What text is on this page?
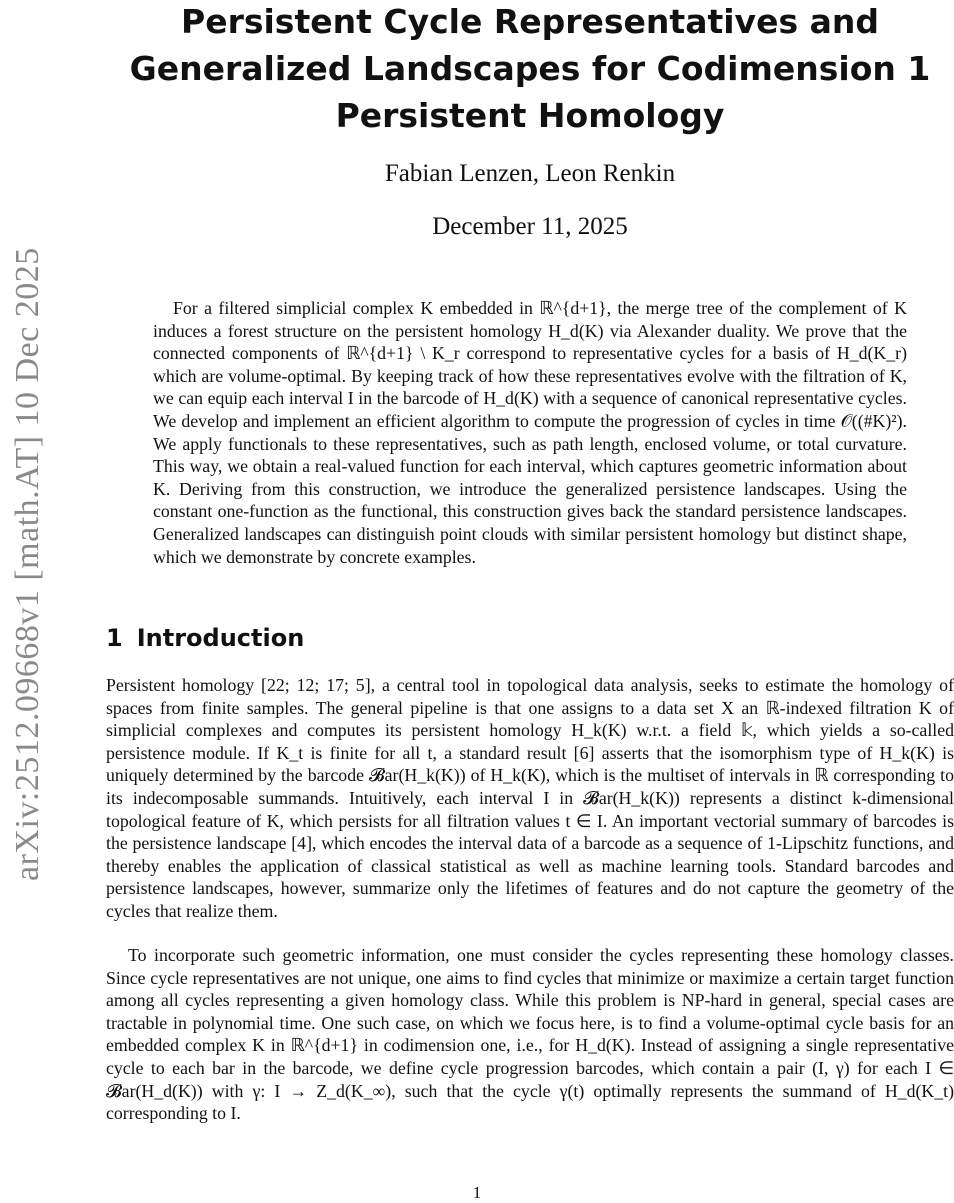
arXiv:2512.09668v1 [math.AT] 10 Dec 2025
Persistent Cycle Representatives and Generalized Landscapes for Codimension 1 Persistent Homology
Fabian Lenzen, Leon Renkin
December 11, 2025

For a filtered simplicial complex K embedded in ℝ^{d+1}, the merge tree of the complement of K induces a forest structure on the persistent homology H_d(K) via Alexander duality. We prove that the connected components of ℝ^{d+1} \ K_r correspond to representative cycles for a basis of H_d(K_r) which are volume-optimal. By keeping track of how these representatives evolve with the filtration of K, we can equip each interval I in the barcode of H_d(K) with a sequence of canonical representative cycles. We develop and implement an efficient algorithm to compute the progression of cycles in time 𝒪((#K)²). We apply functionals to these representatives, such as path length, enclosed volume, or total curvature. This way, we obtain a real-valued function for each interval, which captures geometric information about K. Deriving from this construction, we introduce the generalized persistence landscapes. Using the constant one-function as the functional, this construction gives back the standard persistence landscapes. Generalized landscapes can distinguish point clouds with similar persistent homology but distinct shape, which we demonstrate by concrete examples.

1 Introduction

Persistent homology [22; 12; 17; 5], a central tool in topological data analysis, seeks to estimate the homology of spaces from finite samples. The general pipeline is that one assigns to a data set X an ℝ-indexed filtration K of simplicial complexes and computes its persistent homology H_k(K) w.r.t. a field 𝕜, which yields a so-called persistence module. If K_t is finite for all t, a standard result [6] asserts that the isomorphism type of H_k(K) is uniquely determined by the barcode 𝓑ar(H_k(K)) of H_k(K), which is the multiset of intervals in ℝ corresponding to its indecomposable summands. Intuitively, each interval I in 𝓑ar(H_k(K)) represents a distinct k-dimensional topological feature of K, which persists for all filtration values t ∈ I. An important vectorial summary of barcodes is the persistence landscape [4], which encodes the interval data of a barcode as a sequence of 1-Lipschitz functions, and thereby enables the application of classical statistical as well as machine learning tools. Standard barcodes and persistence landscapes, however, summarize only the lifetimes of features and do not capture the geometry of the cycles that realize them.

To incorporate such geometric information, one must consider the cycles representing these homology classes. Since cycle representatives are not unique, one aims to find cycles that minimize or maximize a certain target function among all cycles representing a given homology class. While this problem is NP-hard in general, special cases are tractable in polynomial time. One such case, on which we focus here, is to find a volume-optimal cycle basis for an embedded complex K in ℝ^{d+1} in codimension one, i.e., for H_d(K). Instead of assigning a single representative cycle to each bar in the barcode, we define cycle progression barcodes, which contain a pair (I, γ) for each I ∈ 𝓑ar(H_d(K)) with γ: I → Z_d(K_∞), such that the cycle γ(t) optimally represents the summand of H_d(K_t) corresponding to I.

1
